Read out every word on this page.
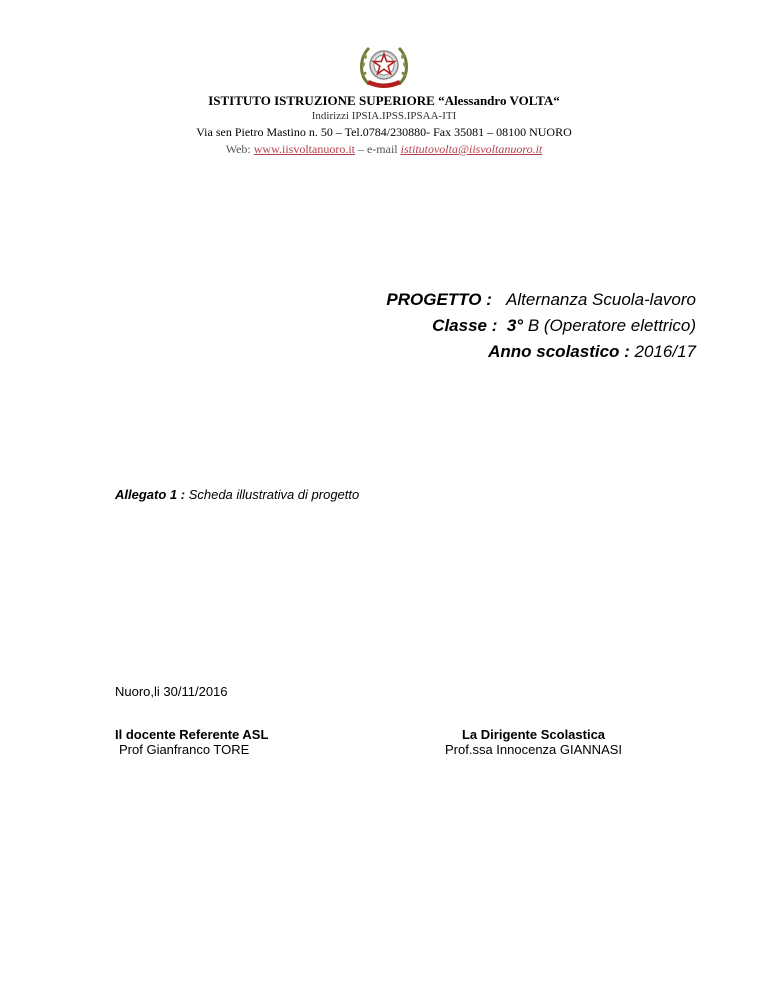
ISTITUTO ISTRUZIONE SUPERIORE “Alessandro VOLTA“
Indirizzi IPSIA.IPSS.IPSAA-ITI
Via sen Pietro Mastino n. 50 – Tel.0784/230880- Fax 35081 – 08100 NUORO
Web: www.iisvoltanuoro.it – e-mail istitutovolta@iisvoltanuoro.it
PROGETTO : Alternanza Scuola-lavoro
Classe : 3° B (Operatore elettrico)
Anno scolastico : 2016/17
Allegato 1 : Scheda illustrativa di progetto
Nuoro,li 30/11/2016
Il docente Referente ASL
Prof Gianfranco TORE
La Dirigente Scolastica
Prof.ssa Innocenza GIANNASI
